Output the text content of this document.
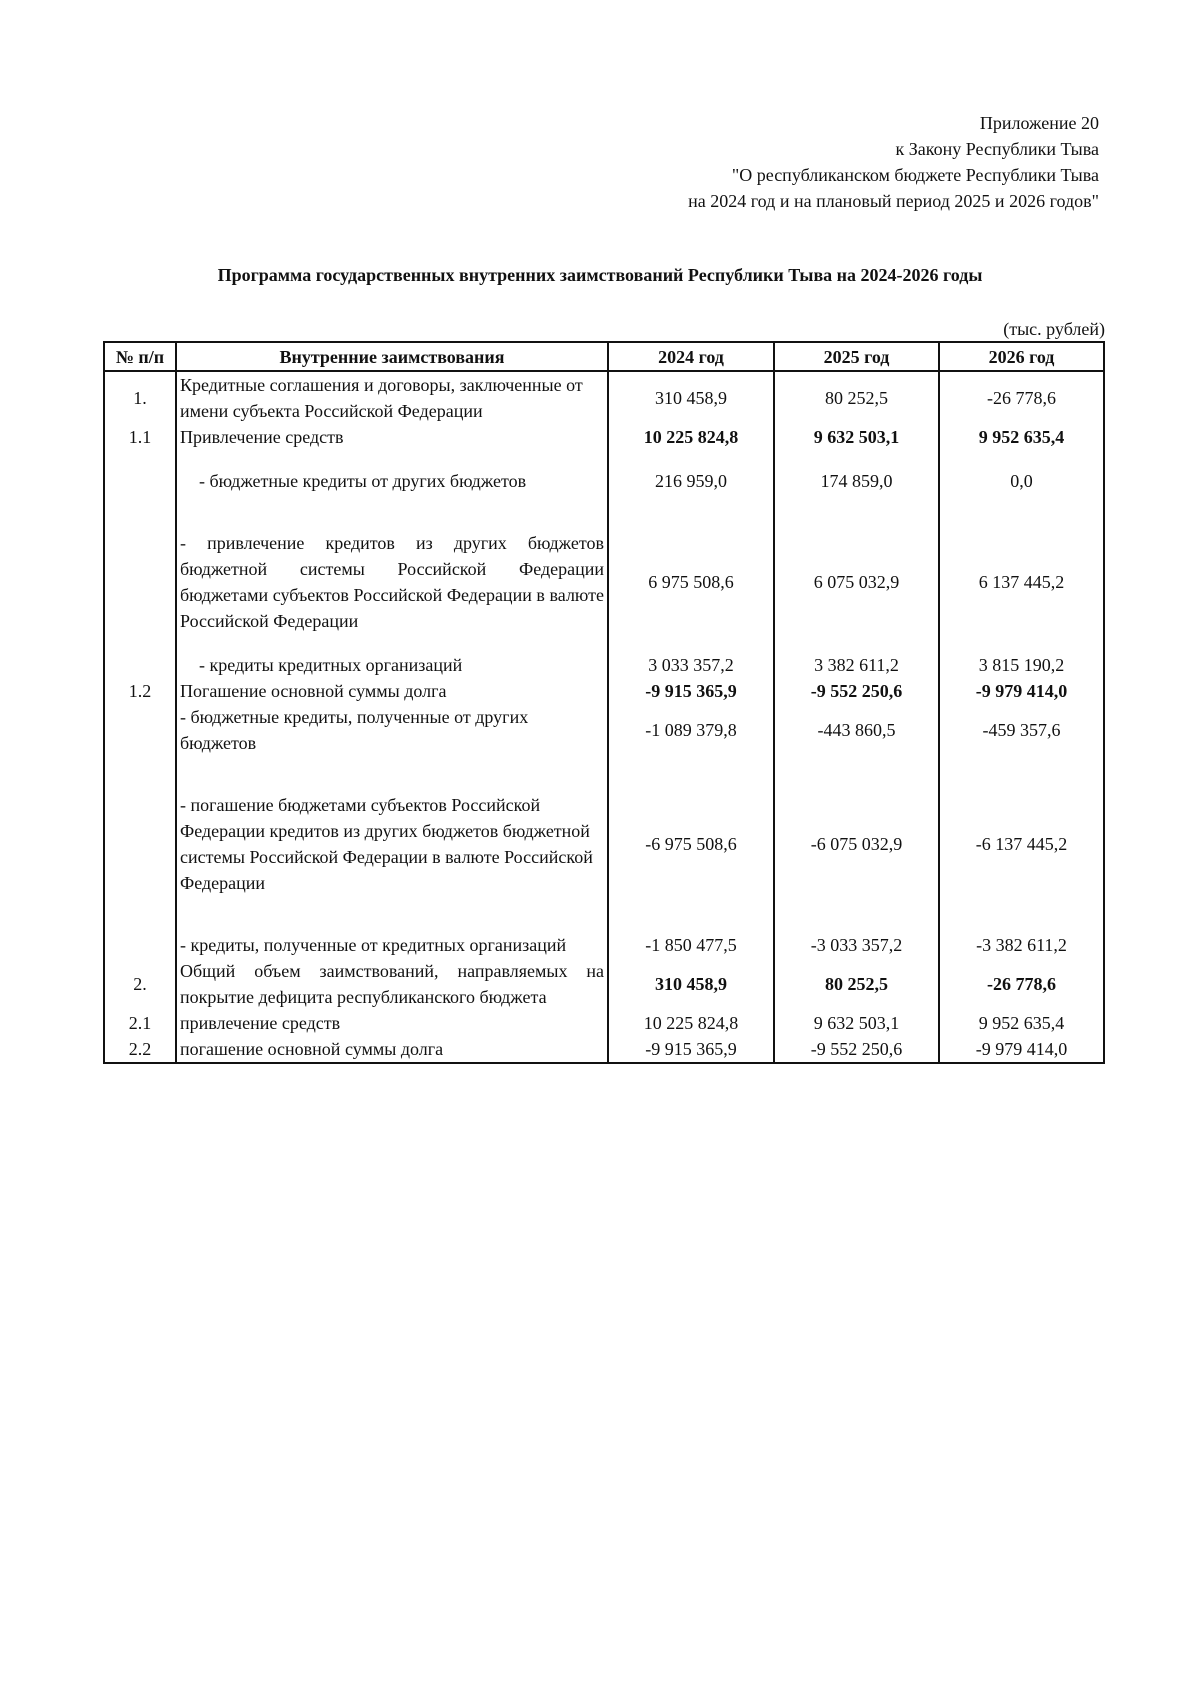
Приложение 20
к Закону Республики Тыва
"О республиканском бюджете Республики Тыва
на 2024 год и на плановый период 2025 и 2026 годов"
Программа государственных внутренних заимствований Республики Тыва на 2024-2026 годы
(тыс. рублей)
№ п/п	Внутренние заимствования	2024 год	2025 год	2026 год
1.	Кредитные соглашения и договоры, заключенные от имени субъекта Российской Федерации	310 458,9	80 252,5	-26 778,6
1.1	Привлечение средств	10 225 824,8	9 632 503,1	9 952 635,4
	- бюджетные кредиты от других бюджетов	216 959,0	174 859,0	0,0
	- привлечение кредитов из других бюджетов бюджетной системы Российской Федерации бюджетами субъектов Российской Федерации в валюте Российской Федерации	6 975 508,6	6 075 032,9	6 137 445,2
	- кредиты кредитных организаций	3 033 357,2	3 382 611,2	3 815 190,2
1.2	Погашение основной суммы долга	-9 915 365,9	-9 552 250,6	-9 979 414,0
	- бюджетные кредиты, полученные от других бюджетов	-1 089 379,8	-443 860,5	-459 357,6
	- погашение бюджетами субъектов Российской Федерации кредитов из других бюджетов бюджетной системы Российской Федерации в валюте Российской Федерации	-6 975 508,6	-6 075 032,9	-6 137 445,2
	- кредиты, полученные от кредитных организаций	-1 850 477,5	-3 033 357,2	-3 382 611,2
2.	Общий объем заимствований, направляемых на покрытие дефицита республиканского бюджета	310 458,9	80 252,5	-26 778,6
2.1	привлечение средств	10 225 824,8	9 632 503,1	9 952 635,4
2.2	погашение основной суммы долга	-9 915 365,9	-9 552 250,6	-9 979 414,0
